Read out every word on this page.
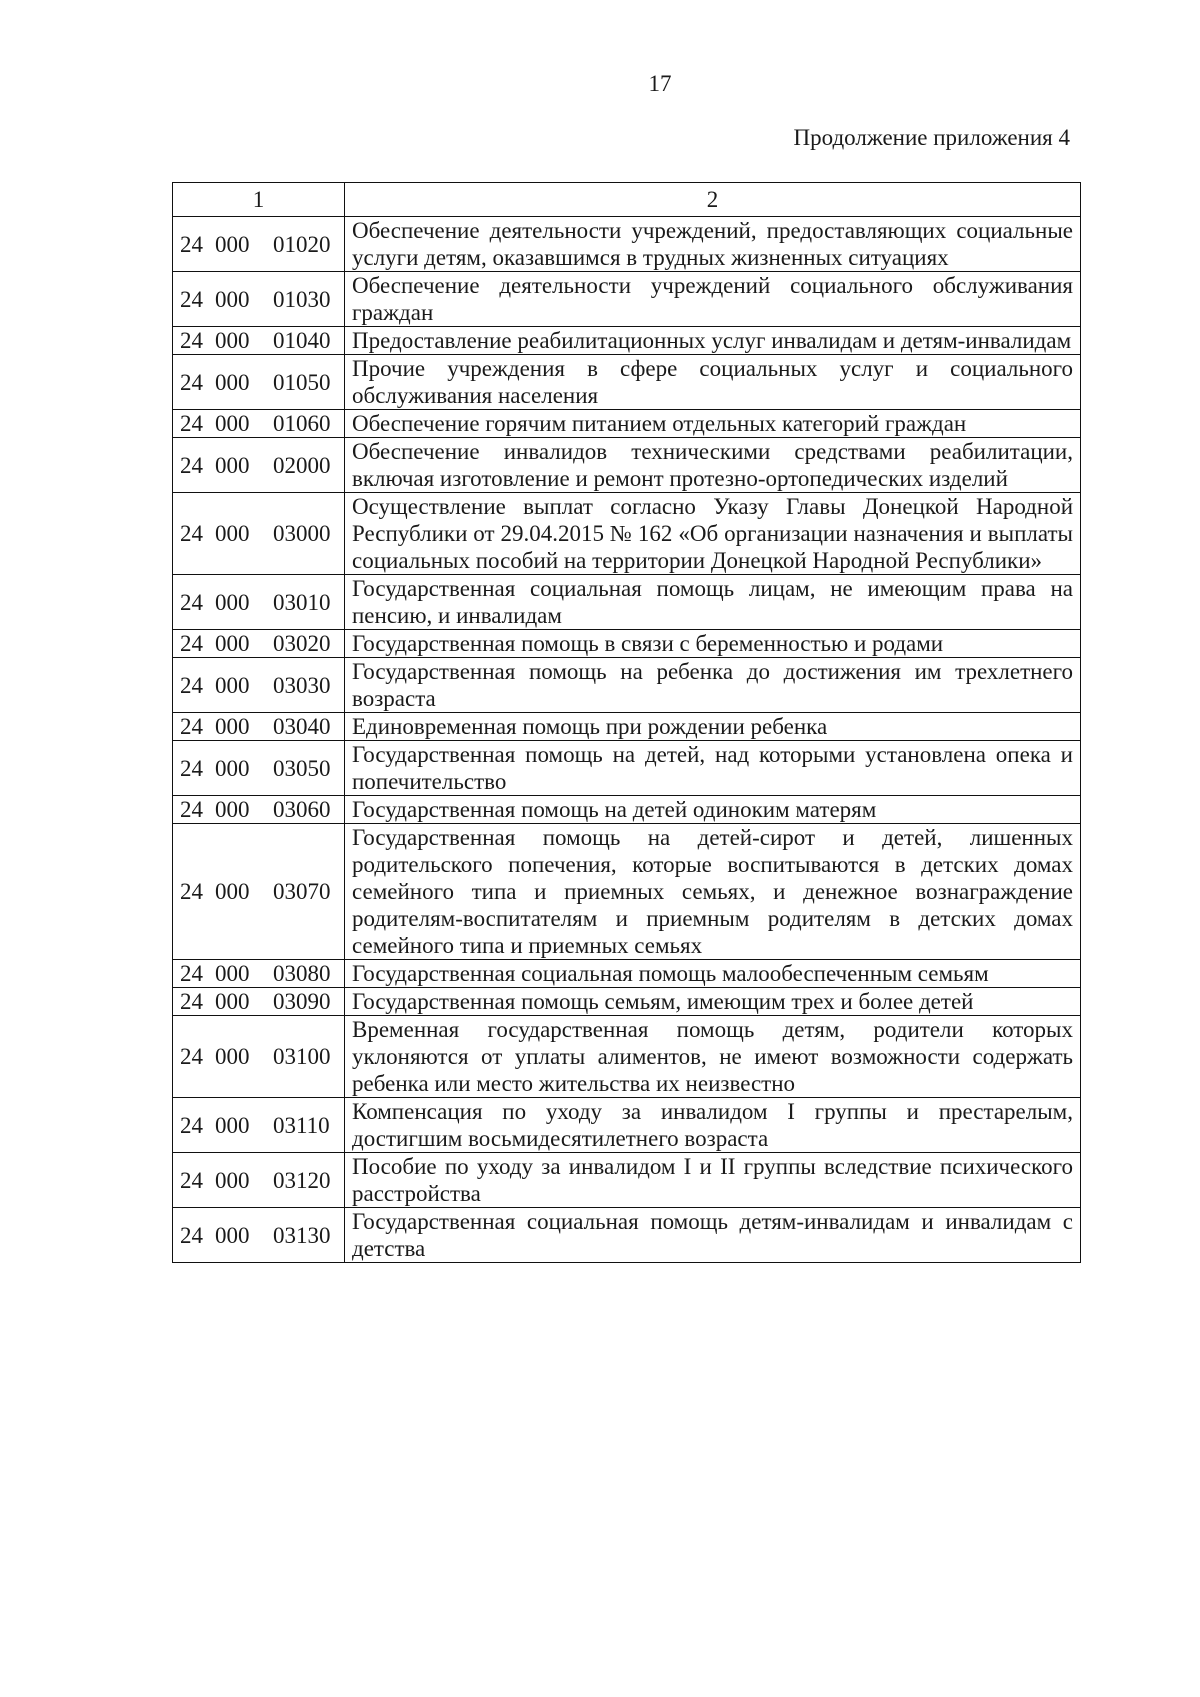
17
Продолжение приложения 4
1	2
24 000 01020	Обеспечение деятельности учреждений, предоставляющих социальные услуги детям, оказавшимся в трудных жизненных ситуациях
24 000 01030	Обеспечение деятельности учреждений социального обслуживания граждан
24 000 01040	Предоставление реабилитационных услуг инвалидам и детям-инвалидам
24 000 01050	Прочие учреждения в сфере социальных услуг и социального обслуживания населения
24 000 01060	Обеспечение горячим питанием отдельных категорий граждан
24 000 02000	Обеспечение инвалидов техническими средствами реабилитации, включая изготовление и ремонт протезно-ортопедических изделий
24 000 03000	Осуществление выплат согласно Указу Главы Донецкой Народной Республики от 29.04.2015 № 162 «Об организации назначения и выплаты социальных пособий на территории Донецкой Народной Республики»
24 000 03010	Государственная социальная помощь лицам, не имеющим права на пенсию, и инвалидам
24 000 03020	Государственная помощь в связи с беременностью и родами
24 000 03030	Государственная помощь на ребенка до достижения им трехлетнего возраста
24 000 03040	Единовременная помощь при рождении ребенка
24 000 03050	Государственная помощь на детей, над которыми установлена опека и попечительство
24 000 03060	Государственная помощь на детей одиноким матерям
24 000 03070	Государственная помощь на детей-сирот и детей, лишенных родительского попечения, которые воспитываются в детских домах семейного типа и приемных семьях, и денежное вознаграждение родителям-воспитателям и приемным родителям в детских домах семейного типа и приемных семьях
24 000 03080	Государственная социальная помощь малообеспеченным семьям
24 000 03090	Государственная помощь семьям, имеющим трех и более детей
24 000 03100	Временная государственная помощь детям, родители которых уклоняются от уплаты алиментов, не имеют возможности содержать ребенка или место жительства их неизвестно
24 000 03110	Компенсация по уходу за инвалидом I группы и престарелым, достигшим восьмидесятилетнего возраста
24 000 03120	Пособие по уходу за инвалидом I и II группы вследствие психического расстройства
24 000 03130	Государственная социальная помощь детям-инвалидам и инвалидам с детства
